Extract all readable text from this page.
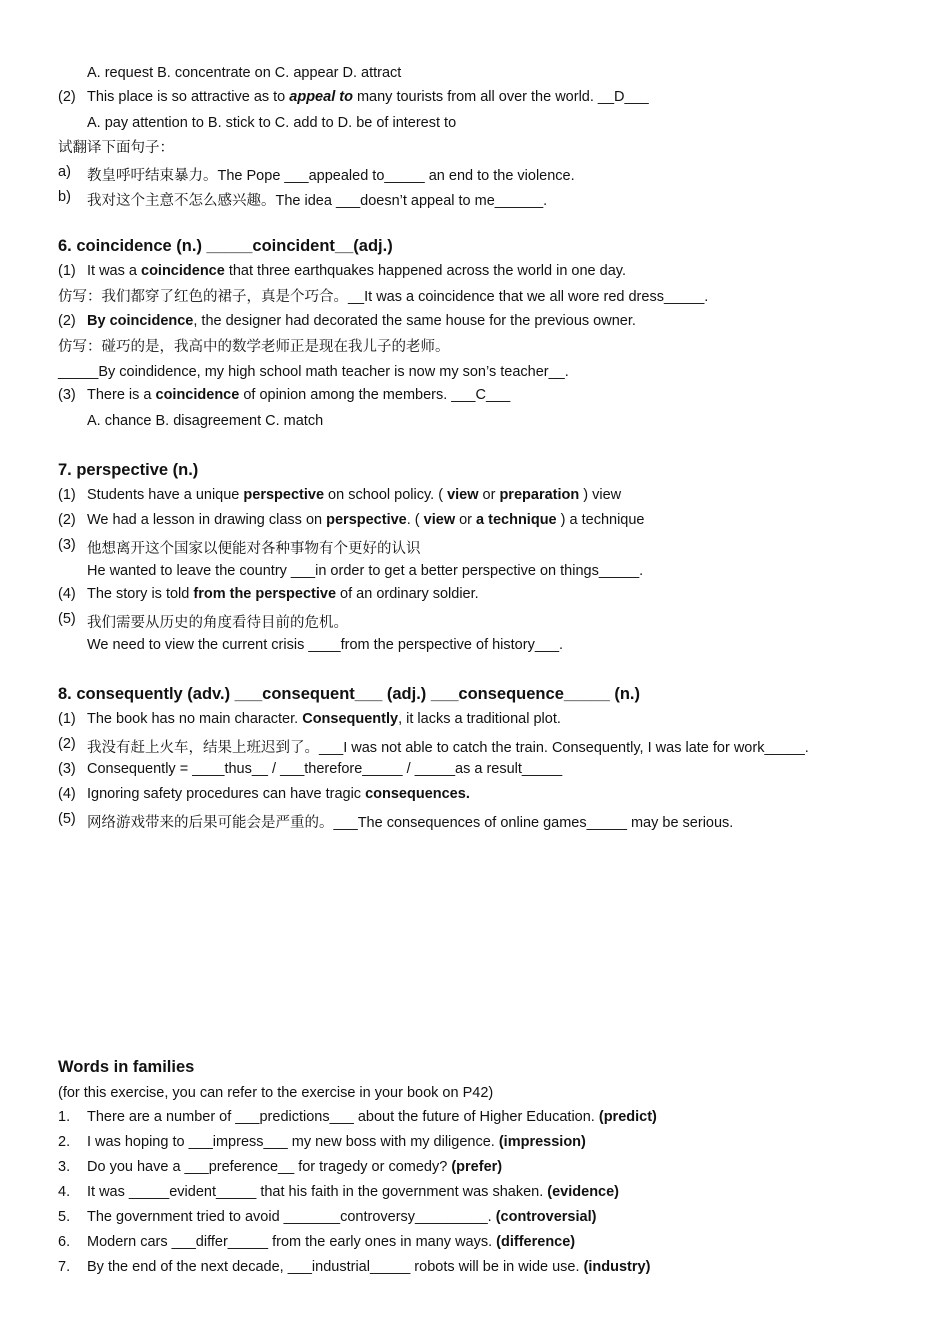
A. request B. concentrate on C. appear D. attract
(2) This place is so attractive as to appeal to many tourists from all over the world. __D___
A. pay attention to B. stick to C. add to D. be of interest to
试翻译下面句子：
a) 教皇呼吁结束暴力。The Pope ___appealed to_____ an end to the violence.
b) 我对这个主意不怎么感兴趣。The idea ___doesn’t appeal to me______.
6. coincidence (n.) _____coincident__(adj.)
(1) It was a coincidence that three earthquakes happened across the world in one day.
仿写：我们都穿了红色的裙子，真是个巧合。__It was a coincidence that we all wore red dress_____.
(2) By coincidence, the designer had decorated the same house for the previous owner.
仿写：碰巧的是，我高中的数学老师正是现在我儿子的老师。
_____By coindidence, my high school math teacher is now my son’s teacher__.
(3) There is a coincidence of opinion among the members. ___C___
A. chance B. disagreement C. match
7. perspective (n.)
(1) Students have a unique perspective on school policy. ( view or preparation ) view
(2) We had a lesson in drawing class on perspective. ( view or a technique ) a technique
(3) 他想离开这个国家以便能对各种事物有个更好的认识
He wanted to leave the country ___in order to get a better perspective on things_____.
(4) The story is told from the perspective of an ordinary soldier.
(5) 我们需要从历史的角度看待目前的危机。
We need to view the current crisis ____from the perspective of history___.
8. consequently (adv.) ___consequent___ (adj.) ___consequence_____ (n.)
(1) The book has no main character. Consequently, it lacks a traditional plot.
(2) 我没有赶上火车，结果上班迟到了。___I was not able to catch the train. Consequently, I was late for work_____.
(3) Consequently = ____thus__ / ___therefore_____ / _____as a result_____
(4) Ignoring safety procedures can have tragic consequences.
(5) 网络游戏带来的后果可能会是严重的。___The consequences of online games_____ may be serious.
Words in families
(for this exercise, you can refer to the exercise in your book on P42)
1. There are a number of ___predictions___ about the future of Higher Education. (predict)
2. I was hoping to ___impress___ my new boss with my diligence. (impression)
3. Do you have a ___preference__ for tragedy or comedy? (prefer)
4. It was _____evident_____ that his faith in the government was shaken. (evidence)
5. The government tried to avoid _______controversy_________. (controversial)
6. Modern cars ___differ_____ from the early ones in many ways. (difference)
7. By the end of the next decade, ___industrial_____ robots will be in wide use. (industry)
